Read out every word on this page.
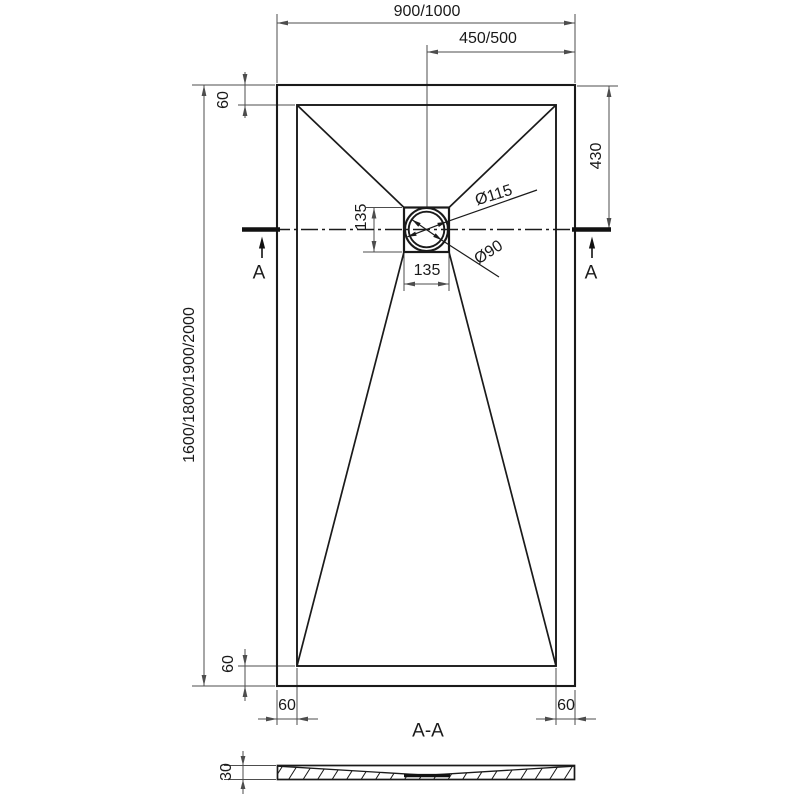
900/1000
450/500
60
430
1600/1800/1900/2000
60
60	60
135
135
Ø115
Ø90
A	A
A-A
30
